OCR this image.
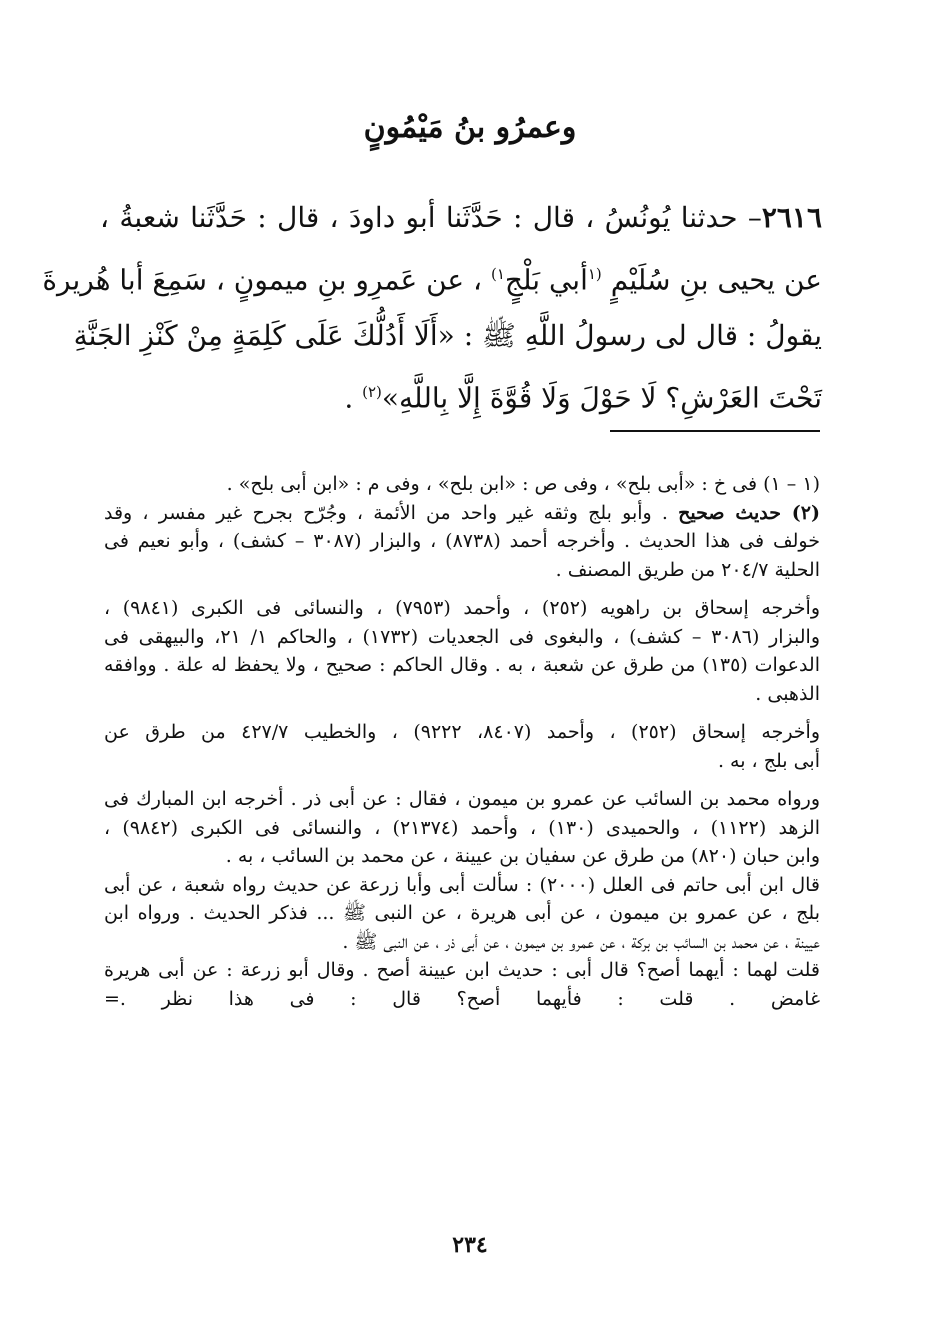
وعمرُو بنُ مَيْمُونٍ
٢٦١٦– حدثنا يُونُسُ ، قال : حَدَّثَنا أبو داودَ ، قال : حَدَّثَنا شعبةُ ،
عن يحيى بنِ سُلَيْمٍ $^{(١}$أبي بَلْجٍ$^{١)}$ ، عن عَمرِو بنِ ميمونٍ ، سَمِعَ أبا هُريرةَ
يقولُ : قال لى رسولُ اللَّهِ ﷺ : «أَلَا أَدُلُّكَ عَلَى كَلِمَةٍ مِنْ كَنْزِ الجَنَّةِ
تَحْتَ العَرْشِ؟ لَا حَوْلَ وَلَا قُوَّةَ إِلَّا بِاللَّهِ»$^{(٢)}$ .
(١ – ١) فى خ : «أبى بلح» ، وفى ص : «ابن بلح» ، وفى م : «ابن أبى بلح» .
(٢) حديث صحيح . وأبو بلج وثقه غير واحد من الأئمة ، وجُرّح بجرح غير مفسر ، وقد
خولف فى هذا الحديث . وأخرجه أحمد (٨٧٣٨) ، والبزار (٣٠٨٧ – كشف) ، وأبو نعيم فى
الحلية ٢٠٤/٧ من طريق المصنف .
وأخرجه إسحاق بن راهويه (٢٥٢) ، وأحمد (٧٩٥٣) ، والنسائى فى الكبرى (٩٨٤١) ،
والبزار (٣٠٨٦ – كشف) ، والبغوى فى الجعديات (١٧٣٢) ، والحاكم ١/ ٢١، والبيهقى فى
الدعوات (١٣٥) من طرق عن شعبة ، به . وقال الحاكم : صحيح ، ولا يحفظ له علة . ووافقه
الذهبى .
وأخرجه إسحاق (٢٥٢) ، وأحمد (٨٤٠٧، ٩٢٢٢) ، والخطيب ٤٢٧/٧ من طرق عن
أبى بلج ، به .
ورواه محمد بن السائب عن عمرو بن ميمون ، فقال : عن أبى ذر . أخرجه ابن المبارك فى
الزهد (١١٢٢) ، والحميدى (١٣٠) ، وأحمد (٢١٣٧٤) ، والنسائى فى الكبرى (٩٨٤٢) ،
وابن حبان (٨٢٠) من طرق عن سفيان بن عيينة ، عن محمد بن السائب ، به .
قال ابن أبى حاتم فى العلل (٢٠٠٠) : سألت أبى وأبا زرعة عن حديث رواه شعبة ، عن أبى
بلج ، عن عمرو بن ميمون ، عن أبى هريرة ، عن النبى ﷺ ... فذكر الحديث . ورواه ابن
عيينة ، عن محمد بن السائب بن بركة ، عن عمرو بن ميمون ، عن أبى ذر ، عن النبى ﷺ .
قلت لهما : أيهما أصح؟ قال أبى : حديث ابن عيينة أصح . وقال أبو زرعة : عن أبى هريرة
غامض . قلت : فأيهما أصح؟ قال : فى هذا نظر .=
٢٣٤
